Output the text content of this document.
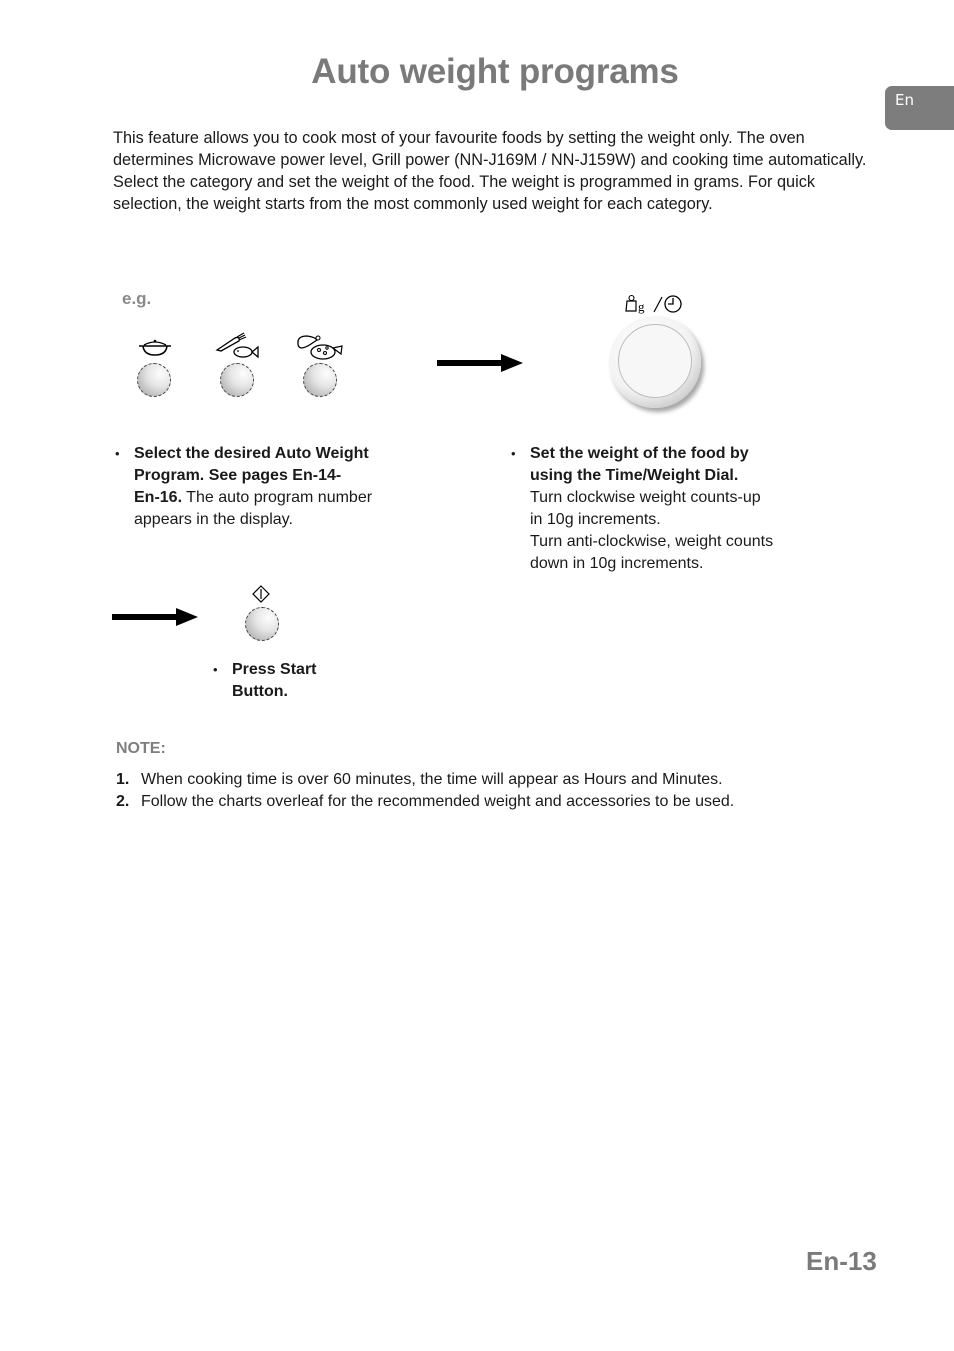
Auto weight programs
En
This feature allows you to cook most of your favourite foods by setting the weight only. The oven determines Microwave power level, Grill power (NN-J169M / NN-J159W) and cooking time automatically. Select the category and set the weight of the food. The weight is programmed in grams. For quick selection, the weight starts from the most commonly used weight for each category.
e.g.	g
• Select the desired Auto Weight
Program. See pages En-14-
En-16. The auto program number
appears in the display.
• Set the weight of the food by
using the Time/Weight Dial.
Turn clockwise weight counts-up
in 10g increments.
Turn anti-clockwise, weight counts
down in 10g increments.
• Press Start
Button.
NOTE:
1. When cooking time is over 60 minutes, the time will appear as Hours and Minutes.
2. Follow the charts overleaf for the recommended weight and accessories to be used.
En-13
